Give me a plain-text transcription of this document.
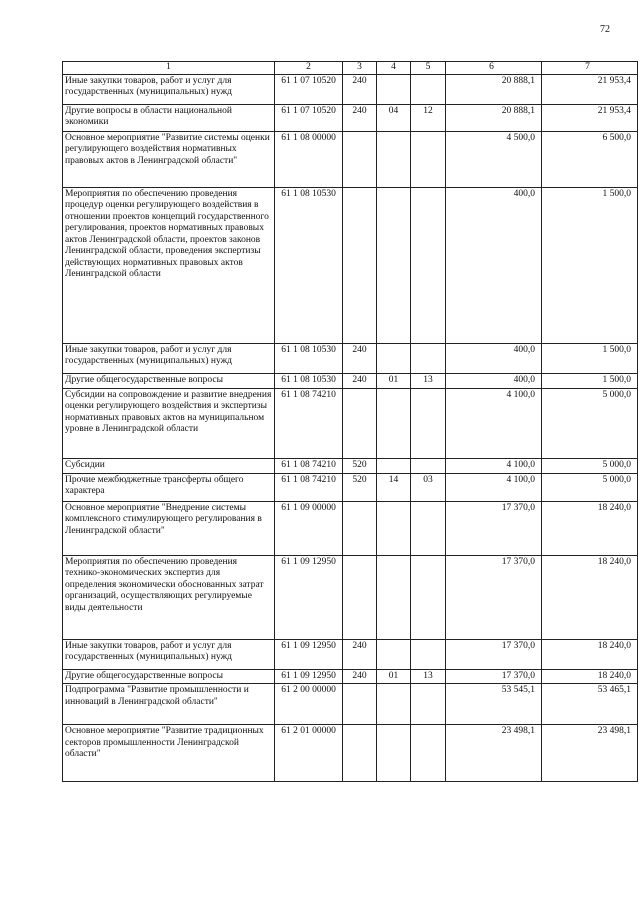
72
1	2	3	4	5	6	7
Иные закупки товаров, работ и услуг для государственных (муниципальных) нужд	61 1 07 10520	240			20 888,1	21 953,4
Другие вопросы в области национальной экономики	61 1 07 10520	240	04	12	20 888,1	21 953,4
Основное мероприятие "Развитие системы оценки регулирующего воздействия нормативных правовых актов в Ленинградской области"	61 1 08 00000				4 500,0	6 500,0
Мероприятия по обеспечению проведения процедур оценки регулирующего воздействия в отношении проектов концепций государственного регулирования, проектов нормативных правовых актов Ленинградской области, проектов законов Ленинградской области, проведения экспертизы действующих нормативных правовых актов Ленинградской области	61 1 08 10530				400,0	1 500,0
Иные закупки товаров, работ и услуг для государственных (муниципальных) нужд	61 1 08 10530	240			400,0	1 500,0
Другие общегосударственные вопросы	61 1 08 10530	240	01	13	400,0	1 500,0
Субсидии на сопровождение и развитие внедрения оценки регулирующего воздействия и экспертизы нормативных правовых актов на муниципальном уровне в Ленинградской области	61 1 08 74210				4 100,0	5 000,0
Субсидии	61 1 08 74210	520			4 100,0	5 000,0
Прочие межбюджетные трансферты общего характера	61 1 08 74210	520	14	03	4 100,0	5 000,0
Основное мероприятие "Внедрение системы комплексного стимулирующего регулирования в Ленинградской области"	61 1 09 00000				17 370,0	18 240,0
Мероприятия по обеспечению проведения технико-экономических экспертиз для определения экономически обоснованных затрат организаций, осуществляющих регулируемые виды деятельности	61 1 09 12950				17 370,0	18 240,0
Иные закупки товаров, работ и услуг для государственных (муниципальных) нужд	61 1 09 12950	240			17 370,0	18 240,0
Другие общегосударственные вопросы	61 1 09 12950	240	01	13	17 370,0	18 240,0
Подпрограмма "Развитие промышленности и инноваций в Ленинградской области"	61 2 00 00000				53 545,1	53 465,1
Основное мероприятие "Развитие традиционных секторов промышленности Ленинградской области"	61 2 01 00000				23 498,1	23 498,1
